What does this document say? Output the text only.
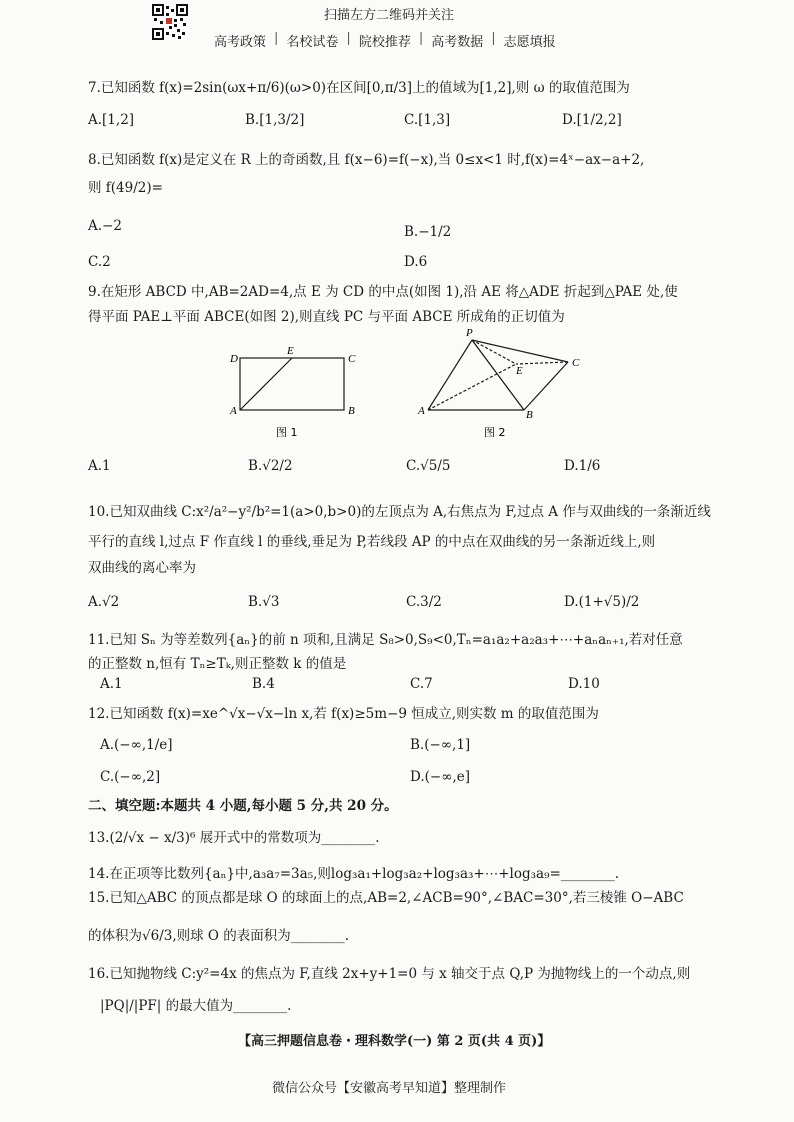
扫描左方二维码并关注
高考政策 | 名校试卷 | 院校推荐 | 高考数据 | 志愿填报
7.已知函数 f(x)=2sin(ωx+π/6)(ω>0)在区间[0,π/3]上的值域为[1,2],则 ω 的取值范围为
A.[1,2]	B.[1,3/2]	C.[1,3]	D.[1/2,2]
8.已知函数 f(x)是定义在 R 上的奇函数,且 f(x−6)=f(−x),当 0≤x<1 时,f(x)=4ˣ−ax−a+2,
则 f(49/2)=
A.−2	B.−1/2
C.2	D.6
9.在矩形 ABCD 中,AB=2AD=4,点 E 为 CD 的中点(如图 1),沿 AE 将△ADE 折起到△PAE 处,使
得平面 PAE⊥平面 ABCE(如图 2),则直线 PC 与平面 ABCE 所成角的正切值为
D
E
C
A	B
图 1
P
E
C
A	B
图 2
A.1	B.√2/2	C.√5/5	D.1/6
10.已知双曲线 C:x²/a²−y²/b²=1(a>0,b>0)的左顶点为 A,右焦点为 F,过点 A 作与双曲线的一条渐近线
平行的直线 l,过点 F 作直线 l 的垂线,垂足为 P,若线段 AP 的中点在双曲线的另一条渐近线上,则
双曲线的离心率为
A.√2	B.√3	C.3/2	D.(1+√5)/2
11.已知 Sₙ 为等差数列{aₙ}的前 n 项和,且满足 S₈>0,S₉<0,Tₙ=a₁a₂+a₂a₃+⋯+aₙaₙ₊₁,若对任意
的正整数 n,恒有 Tₙ≥Tₖ,则正整数 k 的值是
A.1	B.4	C.7	D.10
12.已知函数 f(x)=xe^√x−√x−ln x,若 f(x)≥5m−9 恒成立,则实数 m 的取值范围为
A.(−∞,1/e]	B.(−∞,1]
C.(−∞,2]	D.(−∞,e]
二、填空题:本题共 4 小题,每小题 5 分,共 20 分。
13.(2/√x − x/3)⁶ 展开式中的常数项为________.
14.在正项等比数列{aₙ}中,a₃a₇=3a₅,则log₃a₁+log₃a₂+log₃a₃+⋯+log₃a₉=________.
15.已知△ABC 的顶点都是球 O 的球面上的点,AB=2,∠ACB=90°,∠BAC=30°,若三棱锥 O−ABC
的体积为√6/3,则球 O 的表面积为________.
16.已知抛物线 C:y²=4x 的焦点为 F,直线 2x+y+1=0 与 x 轴交于点 Q,P 为抛物线上的一个动点,则
|PQ|/|PF| 的最大值为________.
【高三押题信息卷・理科数学(一) 第 2 页(共 4 页)】
微信公众号【安徽高考早知道】整理制作
